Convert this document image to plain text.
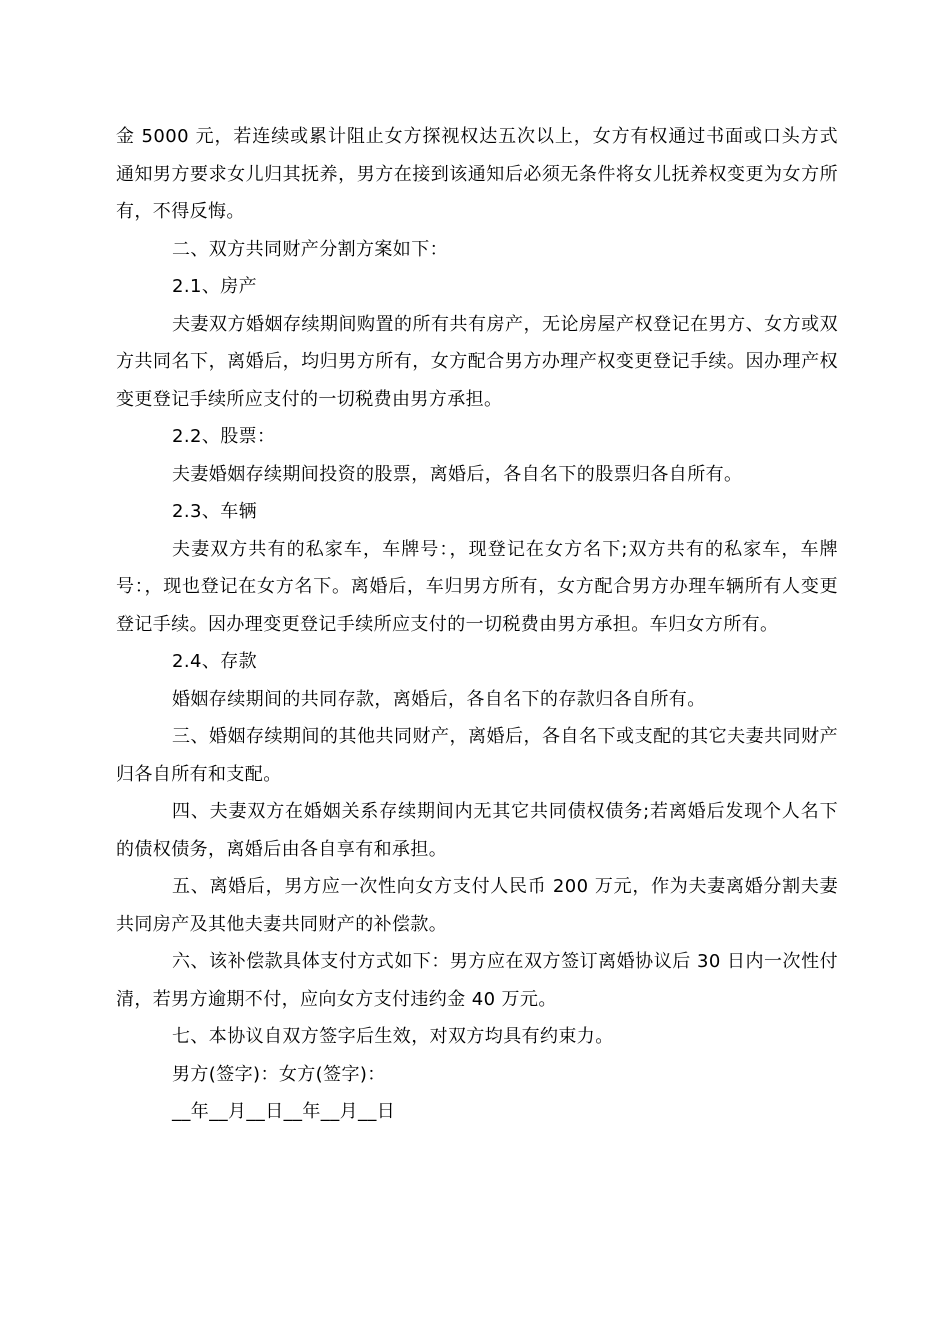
金 5000 元，若连续或累计阻止女方探视权达五次以上，女方有权通过书面或口头方式通知男方要求女儿归其抚养，男方在接到该通知后必须无条件将女儿抚养权变更为女方所有，不得反悔。

二、双方共同财产分割方案如下：

2.1、房产

夫妻双方婚姻存续期间购置的所有共有房产，无论房屋产权登记在男方、女方或双方共同名下，离婚后，均归男方所有，女方配合男方办理产权变更登记手续。因办理产权变更登记手续所应支付的一切税费由男方承担。

2.2、股票：

夫妻婚姻存续期间投资的股票，离婚后，各自名下的股票归各自所有。

2.3、车辆

夫妻双方共有的私家车，车牌号：，现登记在女方名下;双方共有的私家车，车牌号：，现也登记在女方名下。离婚后，车归男方所有，女方配合男方办理车辆所有人变更登记手续。因办理变更登记手续所应支付的一切税费由男方承担。车归女方所有。

2.4、存款

婚姻存续期间的共同存款，离婚后，各自名下的存款归各自所有。

三、婚姻存续期间的其他共同财产，离婚后，各自名下或支配的其它夫妻共同财产归各自所有和支配。

四、夫妻双方在婚姻关系存续期间内无其它共同债权债务;若离婚后发现个人名下的债权债务，离婚后由各自享有和承担。

五、离婚后，男方应一次性向女方支付人民币 200 万元，作为夫妻离婚分割夫妻共同房产及其他夫妻共同财产的补偿款。

六、该补偿款具体支付方式如下：男方应在双方签订离婚协议后 30 日内一次性付清，若男方逾期不付，应向女方支付违约金 40 万元。

七、本协议自双方签字后生效，对双方均具有约束力。

男方(签字)：女方(签字)：

__年__月__日__年__月__日
